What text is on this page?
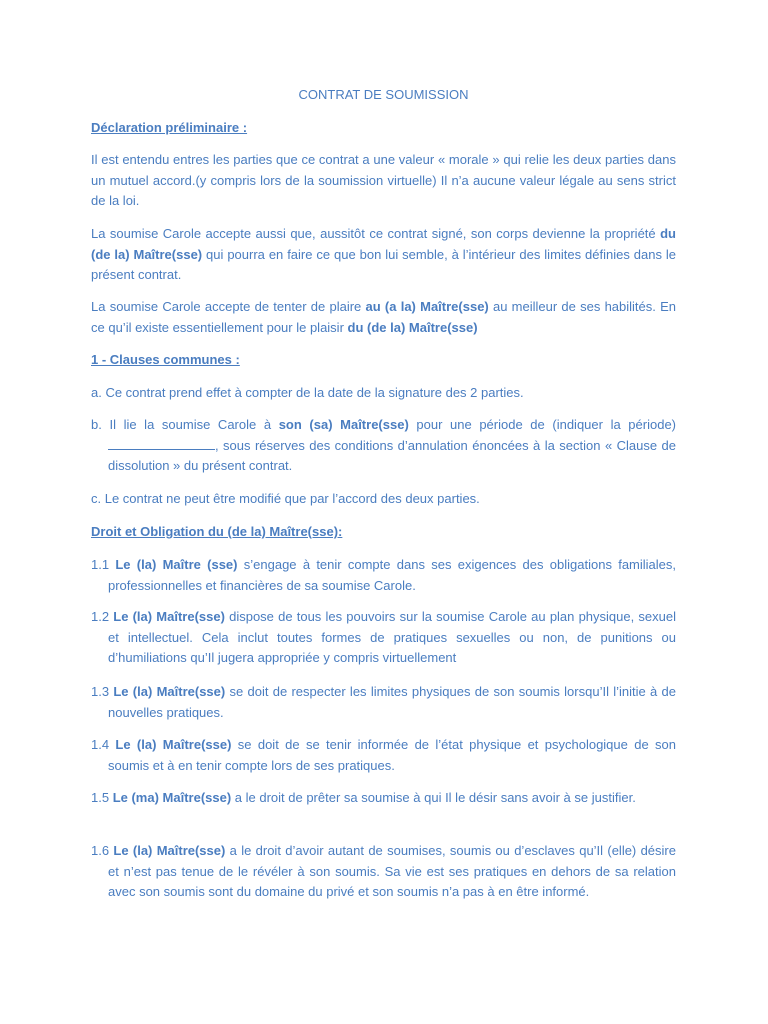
CONTRAT DE SOUMISSION

Déclaration préliminaire :

Il est entendu entres les parties que ce contrat a une valeur « morale » qui relie les deux parties dans un mutuel accord.(y compris lors de la soumission virtuelle) Il n’a aucune valeur légale au sens strict de la loi.

La soumise Carole accepte aussi que, aussitôt ce contrat signé, son corps devienne la propriété du (de la) Maître(sse) qui pourra en faire ce que bon lui semble, à l’intérieur des limites définies dans le présent contrat.

La soumise Carole accepte de tenter de plaire au (a la) Maître(sse) au meilleur de ses habilités. En ce qu’il existe essentiellement pour le plaisir du (de la) Maître(sse)

1 - Clauses communes :

a. Ce contrat prend effet à compter de la date de la signature des 2 parties.

b. Il lie la soumise Carole à son (sa) Maître(sse) pour une période de (indiquer la période) , sous réserves des conditions d’annulation énoncées à la section « Clause de dissolution » du présent contrat.

c. Le contrat ne peut être modifié que par l’accord des deux parties.

Droit et Obligation du (de la) Maître(sse):

1.1 Le (la) Maître (sse) s’engage à tenir compte dans ses exigences des obligations familiales, professionnelles et financières de sa soumise Carole.

1.2 Le (la) Maître(sse) dispose de tous les pouvoirs sur la soumise Carole au plan physique, sexuel et intellectuel. Cela inclut toutes formes de pratiques sexuelles ou non, de punitions ou d’humiliations qu’Il jugera appropriée y compris virtuellement

1.3 Le (la) Maître(sse) se doit de respecter les limites physiques de son soumis lorsqu’Il l’initie à de nouvelles pratiques.

1.4 Le (la) Maître(sse) se doit de se tenir informée de l’état physique et psychologique de son soumis et à en tenir compte lors de ses pratiques.

1.5 Le (ma) Maître(sse) a le droit de prêter sa soumise à qui Il le désir sans avoir à se justifier.

1.6 Le (la) Maître(sse) a le droit d’avoir autant de soumises, soumis ou d’esclaves qu’Il (elle) désire et n’est pas tenue de le révéler à son soumis. Sa vie est ses pratiques en dehors de sa relation avec son soumis sont du domaine du privé et son soumis n’a pas à en être informé.
